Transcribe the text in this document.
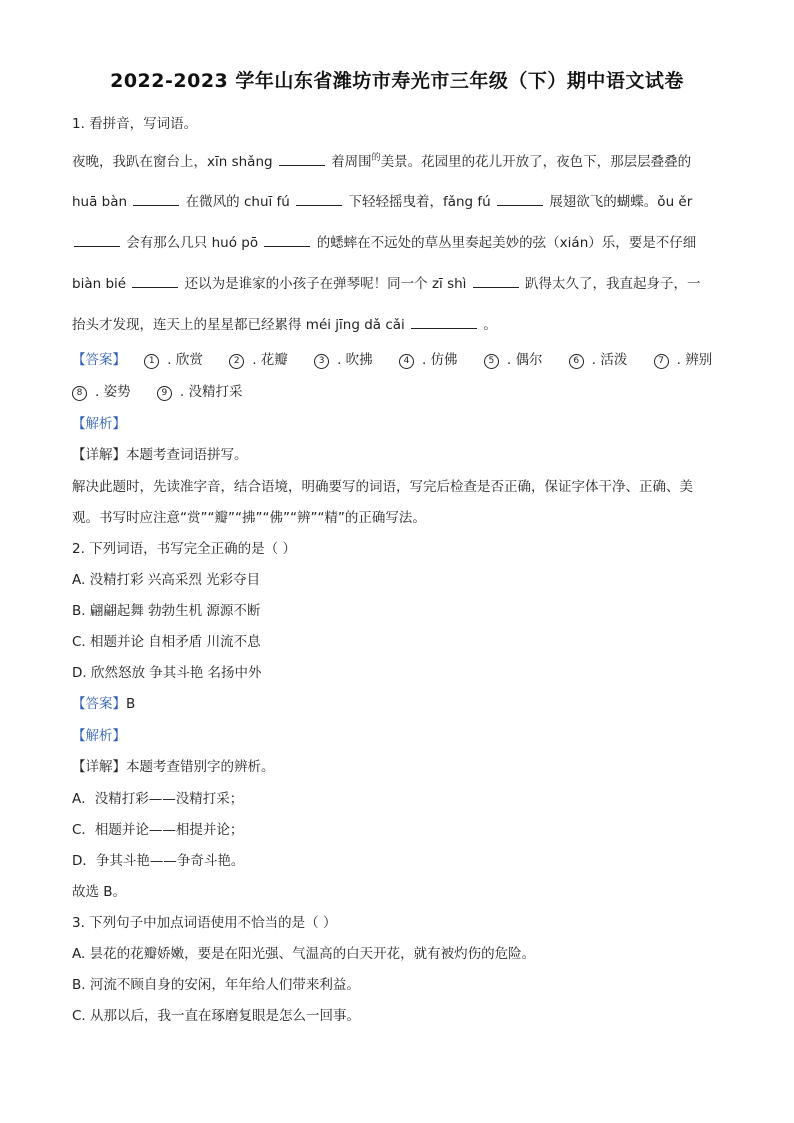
2022-2023 学年山东省潍坊市寿光市三年级（下）期中语文试卷
1. 看拼音，写词语。
夜晚，我趴在窗台上，xīn shǎng	着周围$^的$美景。花园里的花儿开放了，夜色下，那层层叠叠的
huā bàn	在微风的 chuī fú	下轻轻摇曳着，fǎng fú	展翅欲飞的蝴蝶。ǒu ěr
会有那么几只 huó pō	的蟋蟀在不远处的草丛里奏起美妙的弦（xián）乐，要是不仔细
biàn bié	还以为是谁家的小孩子在弹琴呢！同一个 zī shì	趴得太久了，我直起身子，一
抬头才发现，连天上的星星都已经累得 méi jīng dǎ cǎi	。
【答案】	1 . 欣赏	2 . 花瓣	3 . 吹拂	4 . 仿佛	5 . 偶尔	6 . 活泼	7 . 辨别
8 . 姿势	9 . 没精打采
【解析】
【详解】本题考查词语拼写。
解决此题时，先读准字音，结合语境，明确要写的词语，写完后检查是否正确，保证字体干净、正确、美
观。书写时应注意“赏”“瓣”“拂”“佛”“辨”“精”的正确写法。
2. 下列词语，书写完全正确的是（ ）
A. 没精打彩 兴高采烈 光彩夺目
B. 翩翩起舞 勃勃生机 源源不断
C. 相题并论 自相矛盾 川流不息
D. 欣然怒放 争其斗艳 名扬中外
【答案】B
【解析】
【详解】本题考查错别字的辨析。
A．没精打彩——没精打采；
C．相题并论——相提并论；
D．争其斗艳——争奇斗艳。
故选 B。
3. 下列句子中加点词语使用不恰当的是（ ）
A. 昙花的花瓣娇嫩，要是在阳光强、气温高的白天开花，就有被灼伤的危险。
B. 河流不顾自身的安闲，年年给人们带来利益。
C. 从那以后，我一直在琢磨复眼是怎么一回事。
